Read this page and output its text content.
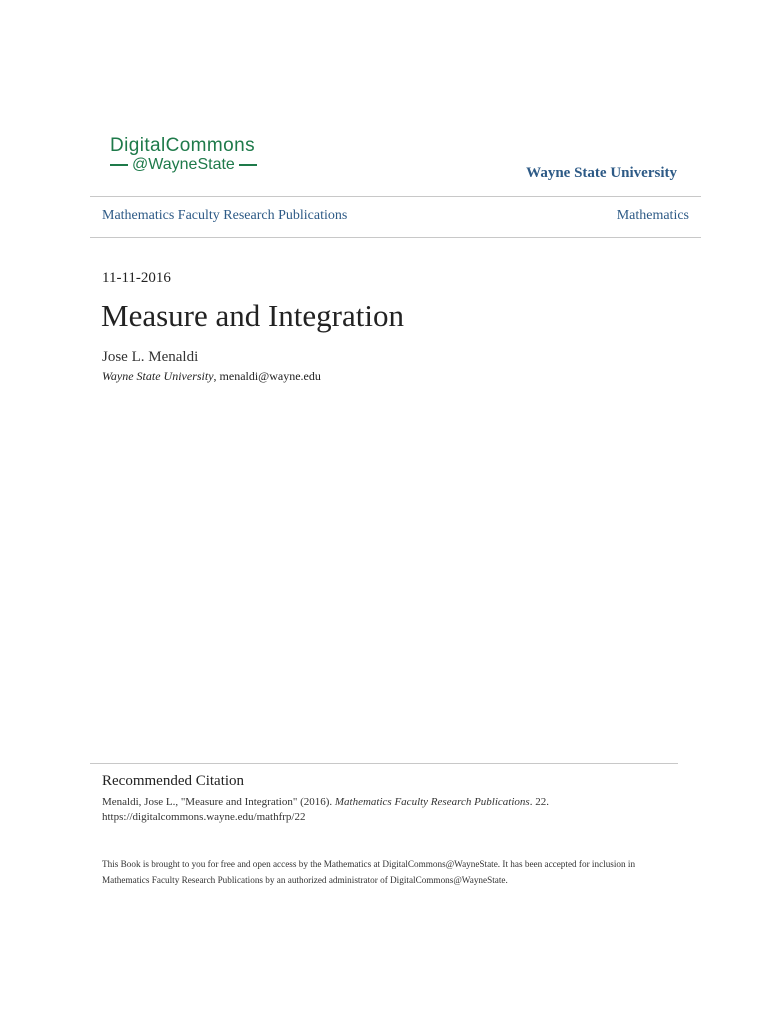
DigitalCommons
@WayneState	Wayne State University
Mathematics Faculty Research Publications	Mathematics
11-11-2016
Measure and Integration
Jose L. Menaldi
Wayne State University, menaldi@wayne.edu
Recommended Citation
Menaldi, Jose L., "Measure and Integration" (2016). Mathematics Faculty Research Publications. 22.
https://digitalcommons.wayne.edu/mathfrp/22
This Book is brought to you for free and open access by the Mathematics at DigitalCommons@WayneState. It has been accepted for inclusion in
Mathematics Faculty Research Publications by an authorized administrator of DigitalCommons@WayneState.
